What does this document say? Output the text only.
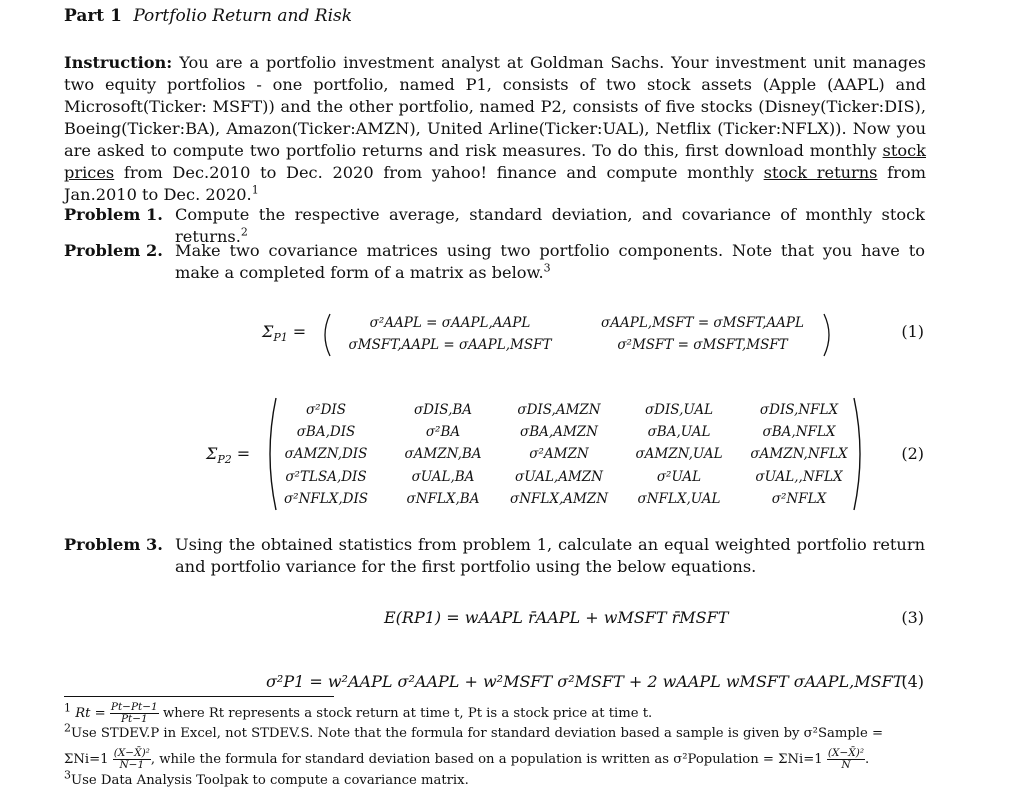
Part 1 Portfolio Return and Risk
Instruction: You are a portfolio investment analyst at Goldman Sachs. Your investment unit manages two equity portfolios - one portfolio, named P1, consists of two stock assets (Apple (AAPL) and Microsoft(Ticker: MSFT)) and the other portfolio, named P2, consists of five stocks (Disney(Ticker:DIS), Boeing(Ticker:BA), Amazon(Ticker:AMZN), United Arline(Ticker:UAL), Netflix (Ticker:NFLX)). Now you are asked to compute two portfolio returns and risk measures. To do this, first download monthly stock prices from Dec.2010 to Dec. 2020 from yahoo! finance and compute monthly stock returns from Jan.2010 to Dec. 2020.$^1$
Problem 1. Compute the respective average, standard deviation, and covariance of monthly stock returns.$^2$
Problem 2. Make two covariance matrices using two portfolio components. Note that you have to make a completed form of a matrix as below.$^3$
$\Sigma_{P1}$ =	σ²AAPL = σAAPL,AAPL	σAAPL,MSFT = σMSFT,AAPL
σMSFT,AAPL = σAAPL,MSFT	σ²MSFT = σMSFT,MSFT
(1)
$\Sigma_{P2}$ =
σ²DIS	σDIS,BA	σDIS,AMZN	σDIS,UAL	σDIS,NFLX
σBA,DIS	σ²BA	σBA,AMZN	σBA,UAL	σBA,NFLX
σAMZN,DIS	σAMZN,BA	σ²AMZN	σAMZN,UAL	σAMZN,NFLX
σ²TLSA,DIS	σUAL,BA	σUAL,AMZN	σ²UAL	σUAL,,NFLX
σ²NFLX,DIS	σNFLX,BA	σNFLX,AMZN	σNFLX,UAL	σ²NFLX
(2)
Problem 3. Using the obtained statistics from problem 1, calculate an equal weighted portfolio return and portfolio variance for the first portfolio using the below equations.
E(RP1) = wAAPL r̄AAPL + wMSFT r̄MSFT	(3)
σ²P1 = w²AAPL σ²AAPL + w²MSFT σ²MSFT + 2 wAAPL wMSFT σAAPL,MSFT
(4)
$^1$ $Rt = \frac{Pt-Pt-1}{Pt-1}$ where Rt represents a stock return at time t, Pt is a stock price at time t.
$^2$Use STDEV.P in Excel, not STDEV.S. Note that the formula for standard deviation based a sample is given by σ²Sample =
$\Sigma Ni=1 \frac{\text{(X−X̄)²}}{N-1}$ , while the formula for standard deviation based on a population is written as σ²Population = $\Sigma Ni=1 \frac{\text{(X−X̄)²}}{N}$ .
$^3$Use Data Analysis Toolpak to compute a covariance matrix.
